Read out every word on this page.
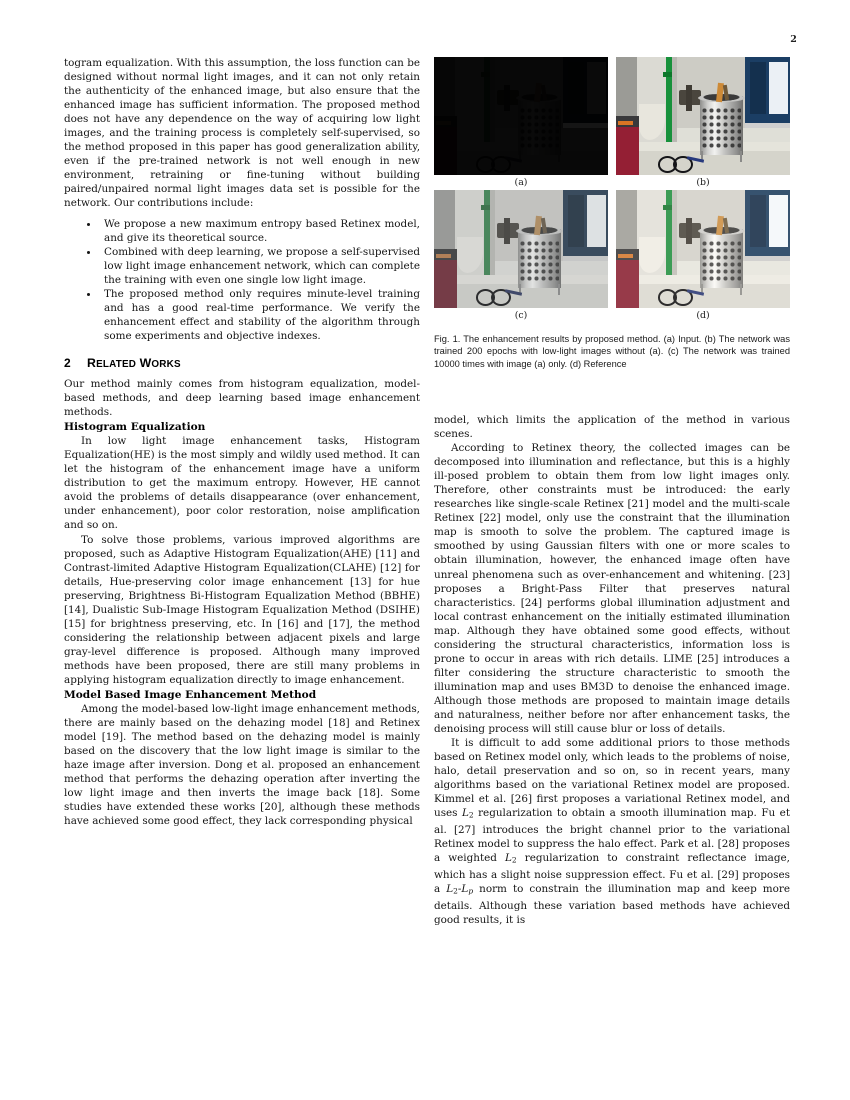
2

togram equalization. With this assumption, the loss function can be designed without normal light images, and it can not only retain the authenticity of the enhanced image, but also ensure that the enhanced image has sufficient information. The proposed method does not have any dependence on the way of acquiring low light images, and the training process is completely self-supervised, so the method proposed in this paper has good generalization ability, even if the pre-trained network is not well enough in new environment, retraining or fine-tuning without building paired/unpaired normal light images data set is possible for the network. Our contributions include:

We propose a new maximum entropy based Retinex model, and give its theoretical source.
Combined with deep learning, we propose a self-supervised low light image enhancement network, which can complete the training with even one single low light image.
The proposed method only requires minute-level training and has a good real-time performance. We verify the enhancement effect and stability of the algorithm through some experiments and objective indexes.
2	RELATED WORKS

Our method mainly comes from histogram equalization, model-based methods, and deep learning based image enhancement methods.

Histogram Equalization

In low light image enhancement tasks, Histogram Equalization(HE) is the most simply and wildly used method. It can let the histogram of the enhancement image have a uniform distribution to get the maximum entropy. However, HE cannot avoid the problems of details disappearance (over enhancement, under enhancement), poor color restoration, noise amplification and so on.

To solve those problems, various improved algorithms are proposed, such as Adaptive Histogram Equalization(AHE) [11] and Contrast-limited Adaptive Histogram Equalization(CLAHE) [12] for details, Hue-preserving color image enhancement [13] for hue preserving, Brightness Bi-Histogram Equalization Method (BBHE) [14], Dualistic Sub-Image Histogram Equalization Method (DSIHE) [15] for brightness preserving, etc. In [16] and [17], the method considering the relationship between adjacent pixels and large gray-level difference is proposed. Although many improved methods have been proposed, there are still many problems in applying histogram equalization directly to image enhancement.

Model Based Image Enhancement Method

Among the model-based low-light image enhancement methods, there are mainly based on the dehazing model [18] and Retinex model [19]. The method based on the dehazing model is mainly based on the discovery that the low light image is similar to the haze image after inversion. Dong et al. proposed an enhancement method that performs the dehazing operation after inverting the low light image and then inverts the image back [18]. Some studies have extended these works [20], although these methods have achieved some good effect, they lack corresponding physical

(a)	(b)
(c)	(d)
Fig. 1. The enhancement results by proposed method. (a) Input. (b) The network was trained 200 epochs with low-light images without (a). (c) The network was trained 10000 times with image (a) only. (d) Reference

model, which limits the application of the method in various scenes.

According to Retinex theory, the collected images can be decomposed into illumination and reflectance, but this is a highly ill-posed problem to obtain them from low light images only. Therefore, other constraints must be introduced: the early researches like single-scale Retinex [21] model and the multi-scale Retinex [22] model, only use the constraint that the illumination map is smooth to solve the problem. The captured image is smoothed by using Gaussian filters with one or more scales to obtain illumination, however, the enhanced image often have unreal phenomena such as over-enhancement and whitening. [23] proposes a Bright-Pass Filter that preserves natural characteristics. [24] performs global illumination adjustment and local contrast enhancement on the initially estimated illumination map. Although they have obtained some good effects, without considering the structural characteristics, information loss is prone to occur in areas with rich details. LIME [25] introduces a filter considering the structure characteristic to smooth the illumination map and uses BM3D to denoise the enhanced image. Although those methods are proposed to maintain image details and naturalness, neither before nor after enhancement tasks, the denoising process will still cause blur or loss of details.

It is difficult to add some additional priors to those methods based on Retinex model only, which leads to the problems of noise, halo, detail preservation and so on, so in recent years, many algorithms based on the variational Retinex model are proposed. Kimmel et al. [26] first proposes a variational Retinex model, and uses $L_2$ regularization to obtain a smooth illumination map. Fu et al. [27] introduces the bright channel prior to the variational Retinex model to suppress the halo effect. Park et al. [28] proposes a weighted $L_2$ regularization to constraint reflectance image, which has a slight noise suppression effect. Fu et al. [29] proposes a $L_2-L_p$ norm to constrain the illumination map and keep more details. Although these variation based methods have achieved good results, it is
